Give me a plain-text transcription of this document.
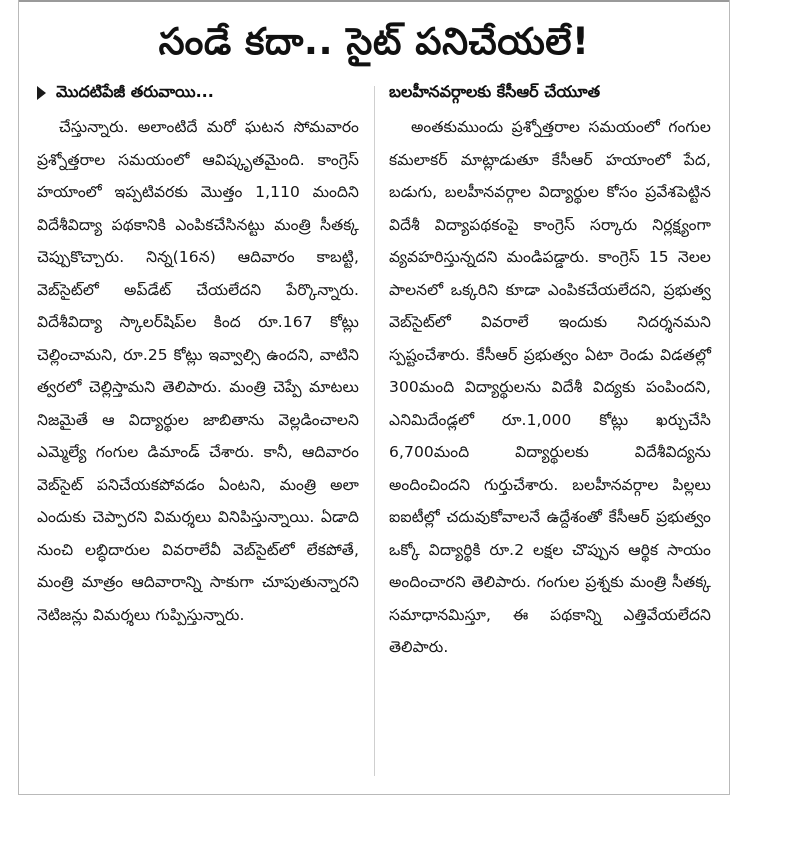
సండే కదా.. సైట్ పనిచేయలే!
మొదటిపేజీ తరువాయి...

చేస్తున్నారు. అలాంటిదే మరో ఘటన సోమవారం ప్రశ్నోత్తరాల సమయంలో ఆవిష్కృతమైంది. కాంగ్రెస్ హయాంలో ఇప్పటివరకు మొత్తం 1,110 మందిని విదేశీవిద్యా పథకానికి ఎంపికచేసినట్టు మంత్రి సీతక్క చెప్పుకొచ్చారు. నిన్న(16న) ఆదివారం కాబట్టి, వెబ్‌సైట్‌లో అప్‌డేట్ చేయలేదని పేర్కొన్నారు. విదేశీవిద్యా స్కాలర్‌షిప్‌ల కింద రూ.167 కోట్లు చెల్లించామని, రూ.25 కోట్లు ఇవ్వాల్సి ఉందని, వాటిని త్వరలో చెల్లిస్తామని తెలిపారు. మంత్రి చెప్పే మాటలు నిజమైతే ఆ విద్యార్థుల జాబితాను వెల్లడించాలని ఎమ్మెల్యే గంగుల డిమాండ్ చేశారు. కానీ, ఆదివారం వెబ్‌సైట్ పనిచేయకపోవడం ఏంటని, మంత్రి అలా ఎందుకు చెప్పారని విమర్శలు వినిపిస్తున్నాయి. ఏడాది నుంచి లబ్ధిదారుల వివరాలేవీ వెబ్‌సైట్‌లో లేకపోతే, మంత్రి మాత్రం ఆదివారాన్ని సాకుగా చూపుతున్నారని నెటిజన్లు విమర్శలు గుప్పిస్తున్నారు.

బలహీనవర్గాలకు కేసీఆర్ చేయూత

అంతకుముందు ప్రశ్నోత్తరాల సమయంలో గంగుల కమలాకర్ మాట్లాడుతూ కేసీఆర్ హయాంలో పేద, బడుగు, బలహీనవర్గాల విద్యార్థుల కోసం ప్రవేశపెట్టిన విదేశీ విద్యాపథకంపై కాంగ్రెస్ సర్కారు నిర్లక్ష్యంగా వ్యవహరిస్తున్నదని మండిపడ్డారు. కాంగ్రెస్ 15 నెలల పాలనలో ఒక్కరిని కూడా ఎంపికచేయలేదని, ప్రభుత్వ వెబ్‌సైట్‌లో వివరాలే ఇందుకు నిదర్శనమని స్పష్టంచేశారు. కేసీఆర్ ప్రభుత్వం ఏటా రెండు విడతల్లో 300మంది విద్యార్థులను విదేశీ విద్యకు పంపిందని, ఎనిమిదేండ్లలో రూ.1,000 కోట్లు ఖర్చుచేసి 6,700మంది విద్యార్థులకు విదేశీవిద్యను అందించిందని గుర్తుచేశారు. బలహీనవర్గాల పిల్లలు ఐఐటీల్లో చదువుకోవాలనే ఉద్దేశంతో కేసీఆర్ ప్రభుత్వం ఒక్కో విద్యార్థికి రూ.2 లక్షల చొప్పున ఆర్థిక సాయం అందించారని తెలిపారు. గంగుల ప్రశ్నకు మంత్రి సీతక్క సమాధానమిస్తూ, ఈ పథకాన్ని ఎత్తివేయలేదని తెలిపారు.
